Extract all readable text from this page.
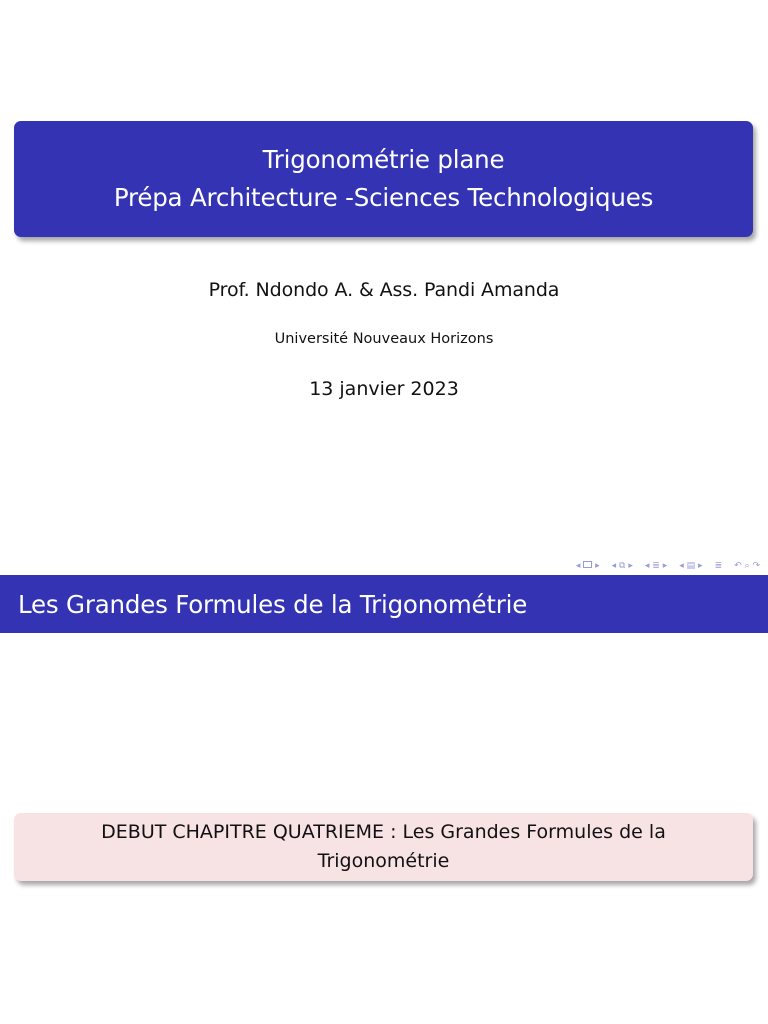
Trigonométrie plane
Prépa Architecture -Sciences Technologiques
Prof. Ndondo A. & Ass. Pandi Amanda
Université Nouveaux Horizons
13 janvier 2023
◂ ▸ ◂ ⧉ ▸ ◂ ≣ ▸ ◂ ▤ ▸ ≣ ↶ ⌕ ↷
Les Grandes Formules de la Trigonométrie
DEBUT CHAPITRE QUATRIEME : Les Grandes Formules de la
Trigonométrie
